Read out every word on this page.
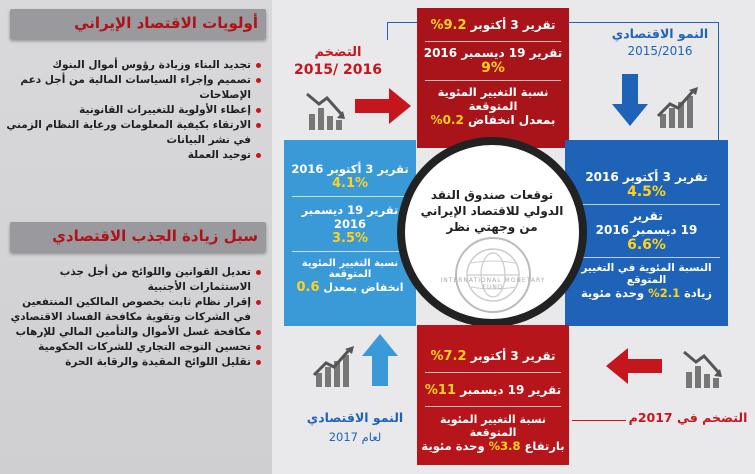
أولويات الاقتصاد الإيراني
تجديد البناء وزيادة رؤوس أموال البنوك
تصميم وإجراء السياسات المالية من أجل دعم الإصلاحات
إعطاء الأولوية للتغييرات القانونية
الارتقاء بكيفية المعلومات ورعاية النظام الزمني في نشر البيانات
توحيد العملة
سبل زيادة الجذب الاقتصادي
تعديل القوانين واللوائح من أجل جذب الاستثمارات الأجنبية
إقرار نظام ثابت بخصوص المالكين المنتفعين في الشركات وتقوية مكافحة الفساد الاقتصادي
مكافحة غسل الأموال والتأمين المالي للإرهاب
تحسين التوجه التجاري للشركات الحكومية
تقليل اللوائح المقيدة والرقابة الحرة
التضخم
2016 /2015
تقرير 3 أكتوبر 9.2%
تقرير 19 ديسمبر 2016
9%
نسبة التغيير المئوية المتوقعة
بمعدل انخفاض 0.2%
النمو الاقتصادي
2015/2016
تقرير 3 أكتوبر 2016
4.5%
تقرير
19 ديسمبر 2016
6.6%
النسبة المئوية في التغيير المتوقع
زيادة 2.1% وحدة مئوية
تقرير 3 أكتوبر 2016
4.1%
تقرير 19 ديسمبر 2016
3.5%
نسبة التغيير المئوية المتوقعة
انخفاض بمعدل 0.6
توقعات صندوق النقد الدولي للاقتصاد الإيراني من وجهتي نظر
INTERNATIONAL MONETARY FUND
تقرير 3 أكتوبر 7.2%
تقرير 19 ديسمبر 11%
نسبة التغيير المئوية المتوقعة
بارتفاع 3.8% وحدة مئوية
النمو الاقتصادي
لعام 2017
التضخم في 2017م
